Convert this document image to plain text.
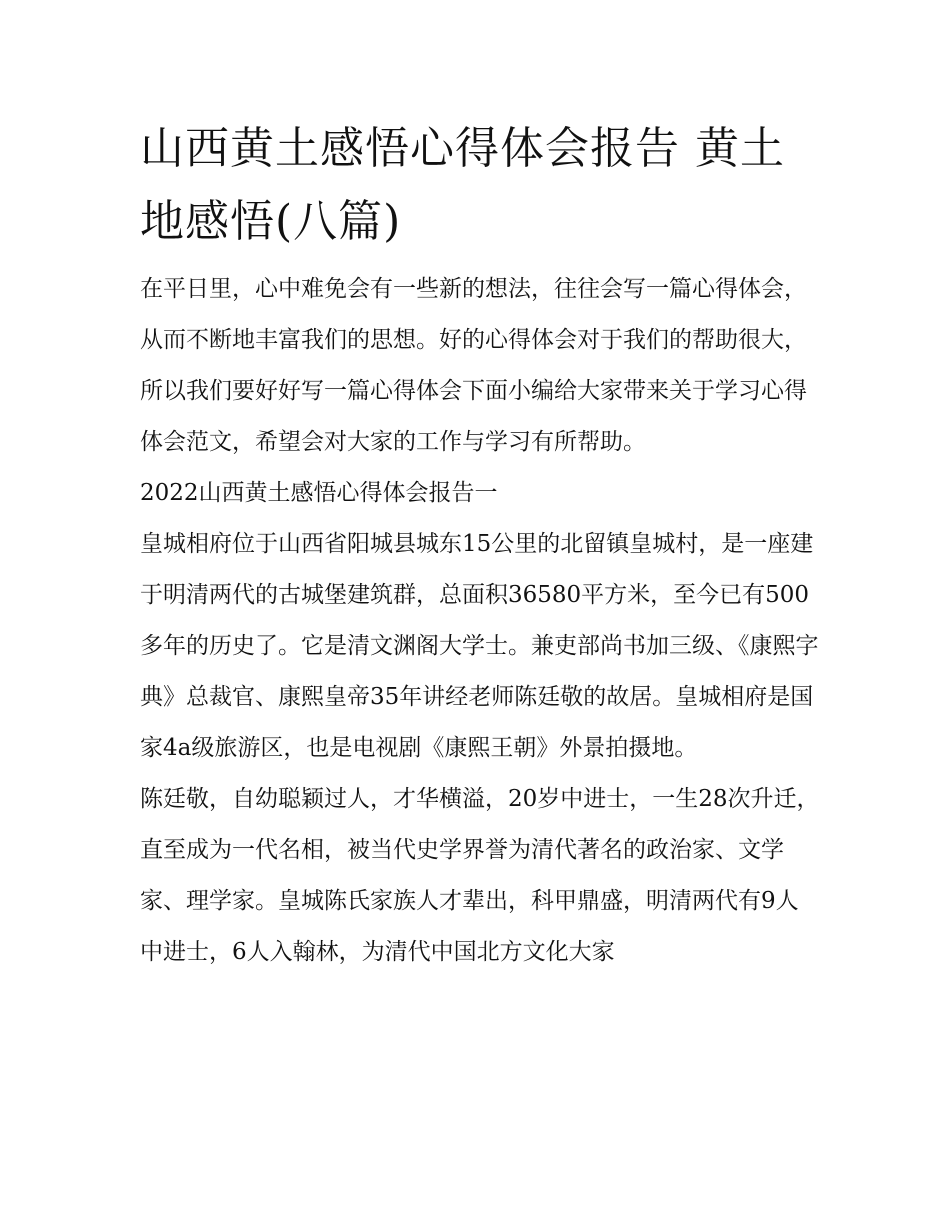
山西黄土感悟心得体会报告 黄土地感悟(八篇)

在平日里，心中难免会有一些新的想法，往往会写一篇心得体会，从而不断地丰富我们的思想。好的心得体会对于我们的帮助很大，所以我们要好好写一篇心得体会下面小编给大家带来关于学习心得体会范文，希望会对大家的工作与学习有所帮助。

2022山西黄土感悟心得体会报告一

皇城相府位于山西省阳城县城东15公里的北留镇皇城村，是一座建于明清两代的古城堡建筑群，总面积36580平方米，至今已有500多年的历史了。它是清文渊阁大学士。兼吏部尚书加三级、《康熙字典》总裁官、康熙皇帝35年讲经老师陈廷敬的故居。皇城相府是国家4a级旅游区，也是电视剧《康熙王朝》外景拍摄地。

陈廷敬，自幼聪颖过人，才华横溢，20岁中进士，一生28次升迁，直至成为一代名相，被当代史学界誉为清代著名的政治家、文学家、理学家。皇城陈氏家族人才辈出，科甲鼎盛，明清两代有9人中进士，6人入翰林，为清代中国北方文化大家
